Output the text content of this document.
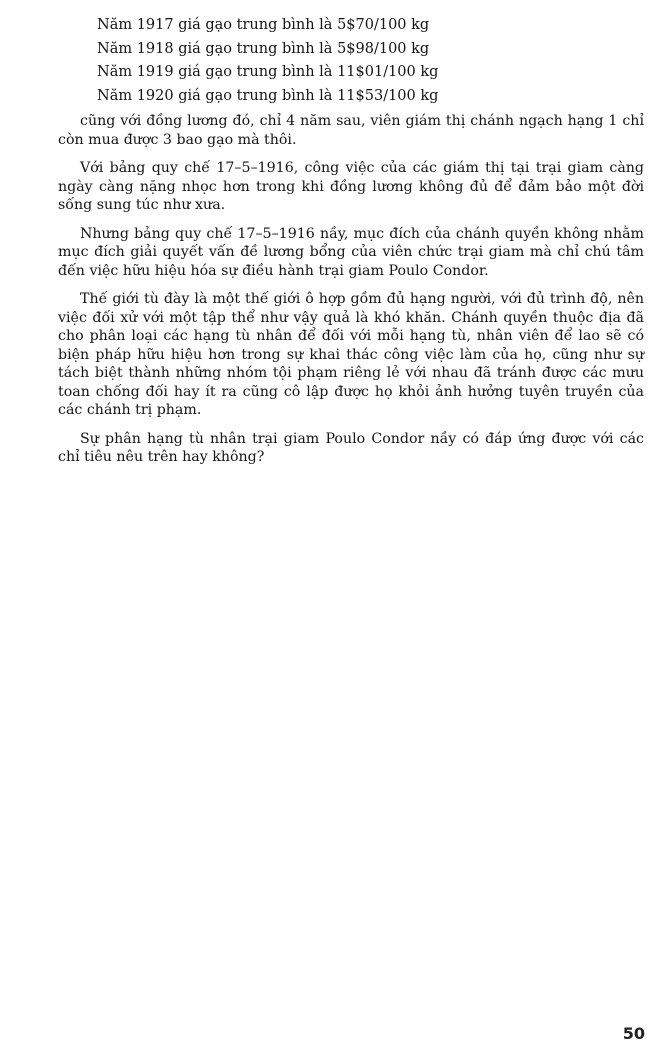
Năm 1917 giá gạo trung bình là 5$70/100 kg
Năm 1918 giá gạo trung bình là 5$98/100 kg
Năm 1919 giá gạo trung bình là 11$01/100 kg
Năm 1920 giá gạo trung bình là 11$53/100 kg

cũng với đồng lương đó, chỉ 4 năm sau, viên giám thị chánh ngạch hạng 1 chỉ còn mua được 3 bao gạo mà thôi.

Với bảng quy chế 17–5–1916, công việc của các giám thị tại trại giam càng ngày càng nặng nhọc hơn trong khi đồng lương không đủ để đảm bảo một đời sống sung túc như xưa.

Nhưng bảng quy chế 17–5–1916 nầy, mục đích của chánh quyền không nhằm mục đích giải quyết vấn đề lương bổng của viên chức trại giam mà chỉ chú tâm đến việc hữu hiệu hóa sự điều hành trại giam Poulo Condor.

Thế giới tù đày là một thế giới ô hợp gồm đủ hạng người, với đủ trình độ, nên việc đối xử với một tập thể như vậy quả là khó khăn. Chánh quyền thuộc địa đã cho phân loại các hạng tù nhân để đối với mỗi hạng tù, nhân viên để lao sẽ có biện pháp hữu hiệu hơn trong sự khai thác công việc làm của họ, cũng như sự tách biệt thành những nhóm tội phạm riêng lẻ với nhau đã tránh được các mưu toan chống đối hay ít ra cũng cô lập được họ khỏi ảnh hưởng tuyên truyền của các chánh trị phạm.

Sự phân hạng tù nhân trại giam Poulo Condor nầy có đáp ứng được với các chỉ tiêu nêu trên hay không?

50
